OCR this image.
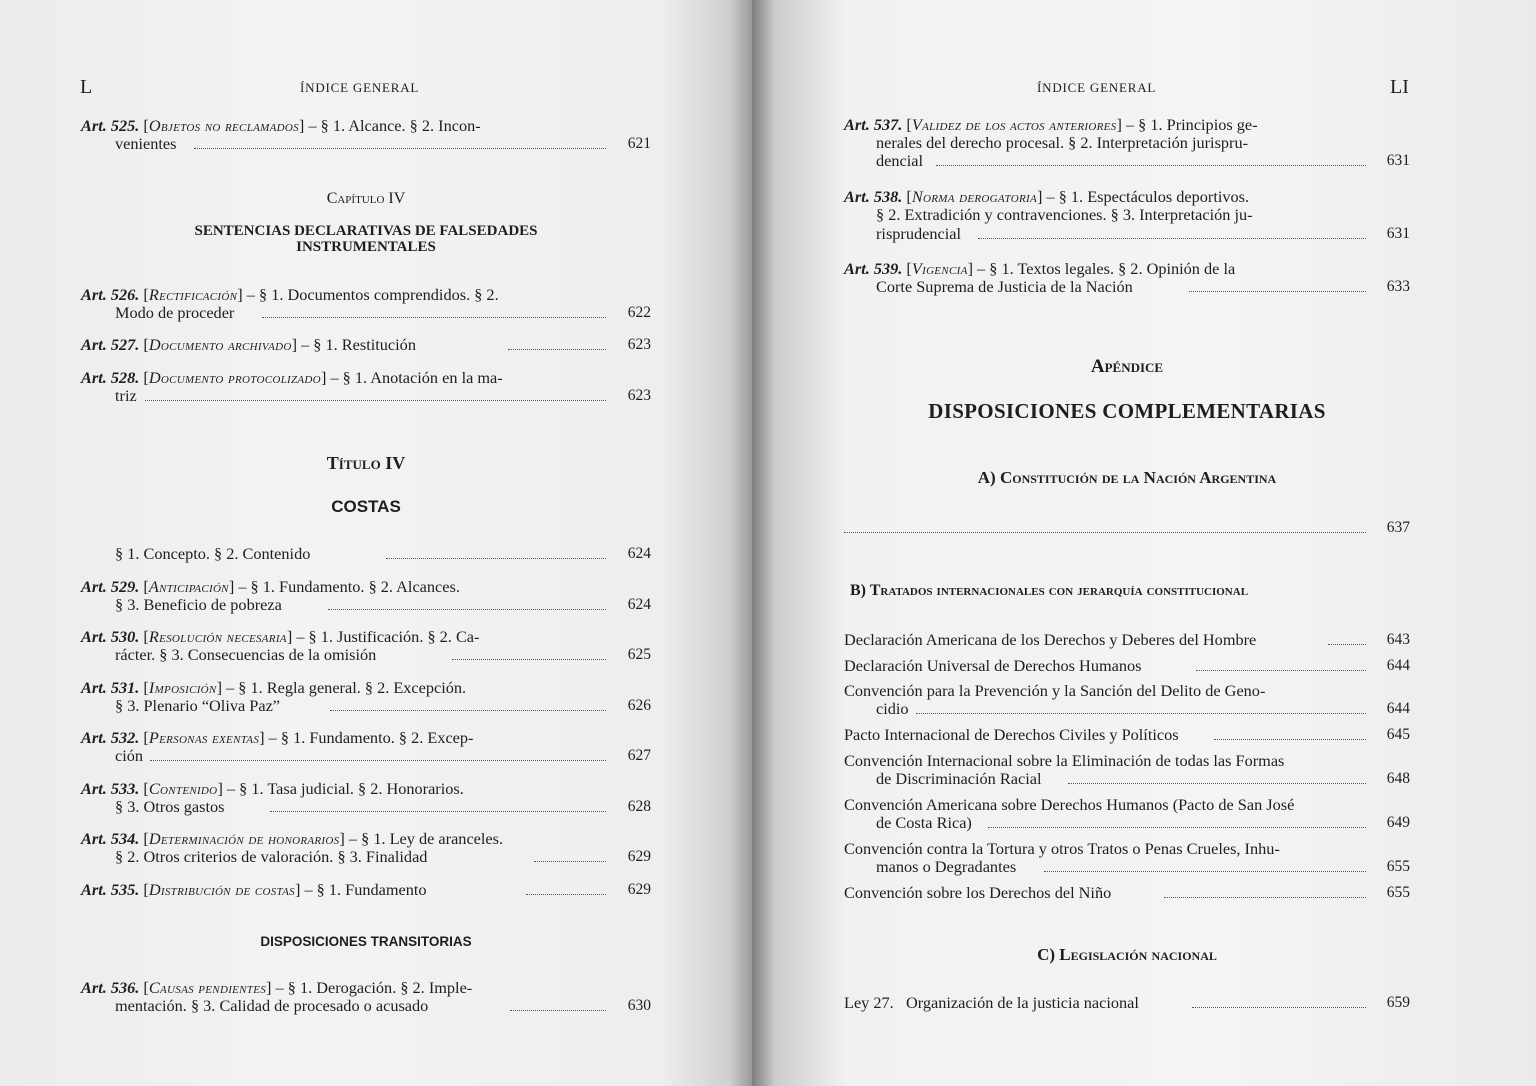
L	ÍNDICE GENERAL
Art. 525. [Objetos no reclamados] – § 1. Alcance. § 2. Incon-
venientes	621
Capítulo IV
SENTENCIAS DECLARATIVAS DE FALSEDADES
INSTRUMENTALES
Art. 526. [Rectificación] – § 1. Documentos comprendidos. § 2.
Modo de proceder	622
Art. 527. [Documento archivado] – § 1. Restitución	623
Art. 528. [Documento protocolizado] – § 1. Anotación en la ma-
triz	623
Título IV
COSTAS
§ 1. Concepto. § 2. Contenido	624
Art. 529. [Anticipación] – § 1. Fundamento. § 2. Alcances.
§ 3. Beneficio de pobreza	624
Art. 530. [Resolución necesaria] – § 1. Justificación. § 2. Ca-
rácter. § 3. Consecuencias de la omisión	625
Art. 531. [Imposición] – § 1. Regla general. § 2. Excepción.
§ 3. Plenario “Oliva Paz”	626
Art. 532. [Personas exentas] – § 1. Fundamento. § 2. Excep-
ción	627
Art. 533. [Contenido] – § 1. Tasa judicial. § 2. Honorarios.
§ 3. Otros gastos	628
Art. 534. [Determinación de honorarios] – § 1. Ley de aranceles.
§ 2. Otros criterios de valoración. § 3. Finalidad	629
Art. 535. [Distribución de costas] – § 1. Fundamento	629
DISPOSICIONES TRANSITORIAS
Art. 536. [Causas pendientes] – § 1. Derogación. § 2. Imple-
mentación. § 3. Calidad de procesado o acusado	630
ÍNDICE GENERAL	LI
Art. 537. [Validez de los actos anteriores] – § 1. Principios ge-
nerales del derecho procesal. § 2. Interpretación jurispru-
dencial	631
Art. 538. [Norma derogatoria] – § 1. Espectáculos deportivos.
§ 2. Extradición y contravenciones. § 3. Interpretación ju-
risprudencial	631
Art. 539. [Vigencia] – § 1. Textos legales. § 2. Opinión de la
Corte Suprema de Justicia de la Nación	633
Apéndice
DISPOSICIONES COMPLEMENTARIAS
A) Constitución de la Nación Argentina
637
B) Tratados internacionales con jerarquía constitucional
Declaración Americana de los Derechos y Deberes del Hombre	643
Declaración Universal de Derechos Humanos	644
Convención para la Prevención y la Sanción del Delito de Geno-
cidio	644
Pacto Internacional de Derechos Civiles y Políticos	645
Convención Internacional sobre la Eliminación de todas las Formas
de Discriminación Racial	648
Convención Americana sobre Derechos Humanos (Pacto de San José
de Costa Rica)	649
Convención contra la Tortura y otros Tratos o Penas Crueles, Inhu-
manos o Degradantes	655
Convención sobre los Derechos del Niño	655
C) Legislación nacional
Ley 27. Organización de la justicia nacional	659
